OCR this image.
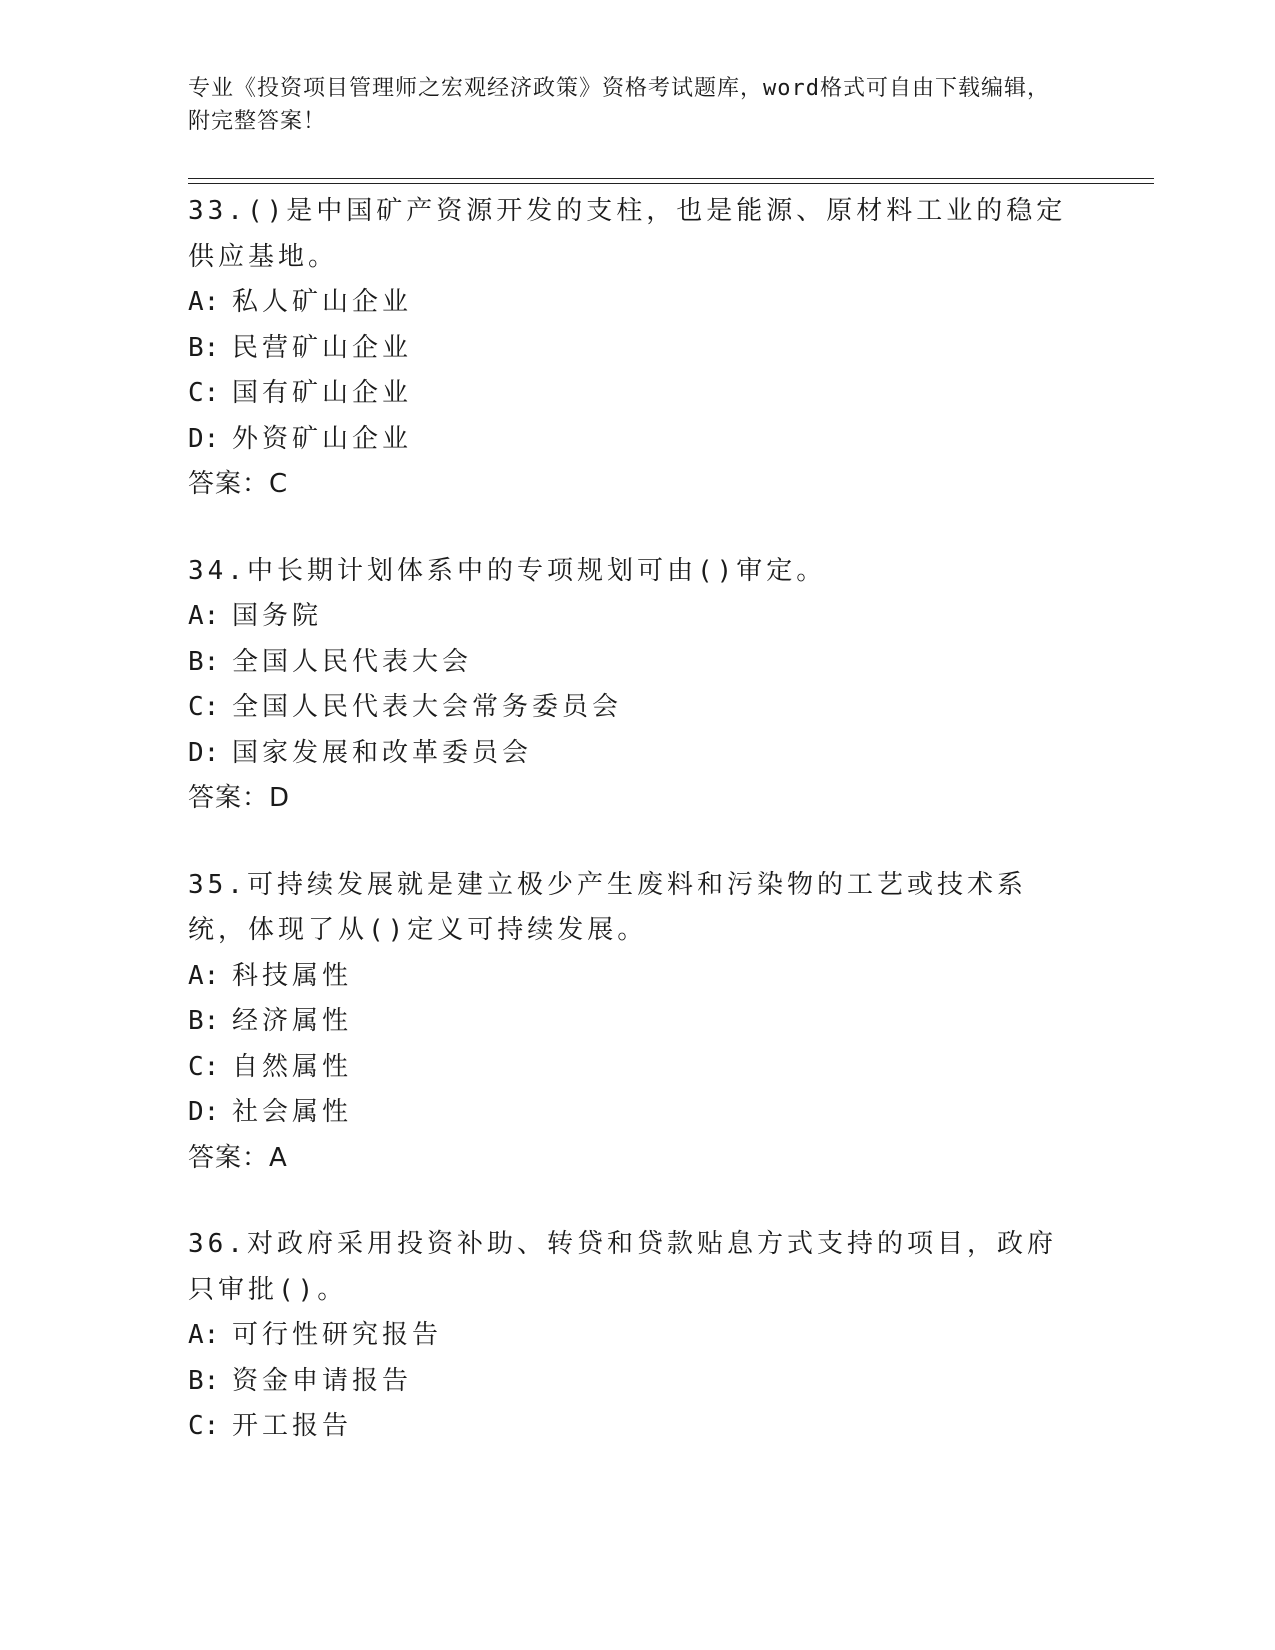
专业《投资项目管理师之宏观经济政策》资格考试题库，word格式可自由下载编辑，附完整答案！

33.()是中国矿产资源开发的支柱，也是能源、原材料工业的稳定供应基地。

A: 私人矿山企业

B: 民营矿山企业

C: 国有矿山企业

D: 外资矿山企业

答案：C

34.中长期计划体系中的专项规划可由()审定。

A: 国务院

B: 全国人民代表大会

C: 全国人民代表大会常务委员会

D: 国家发展和改革委员会

答案：D

35.可持续发展就是建立极少产生废料和污染物的工艺或技术系统，体现了从()定义可持续发展。

A: 科技属性

B: 经济属性

C: 自然属性

D: 社会属性

答案：A

36.对政府采用投资补助、转贷和贷款贴息方式支持的项目，政府只审批()。

A: 可行性研究报告

B: 资金申请报告

C: 开工报告
